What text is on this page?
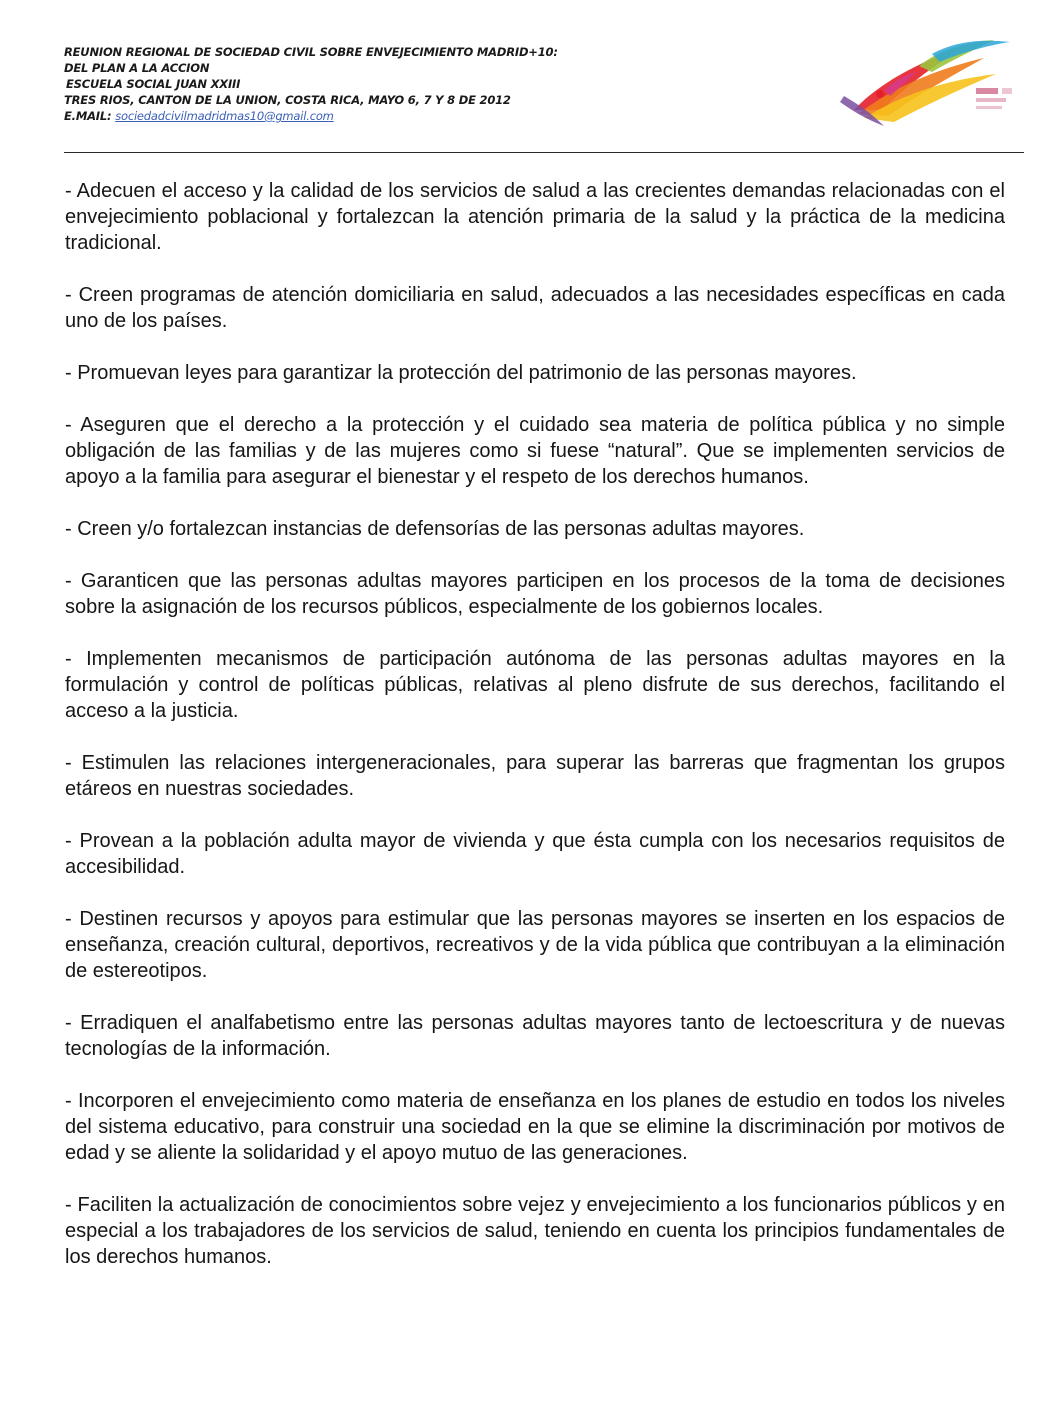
REUNION REGIONAL DE SOCIEDAD CIVIL SOBRE ENVEJECIMIENTO MADRID+10:
DEL PLAN A LA ACCION
ESCUELA SOCIAL JUAN XXIII
TRES RIOS, CANTON DE LA UNION, COSTA RICA, MAYO 6, 7 Y 8 DE 2012
E.MAIL: sociedadcivilmadridmas10@gmail.com

- Adecuen el acceso y la calidad de los servicios de salud a las crecientes demandas relacionadas con el envejecimiento poblacional y fortalezcan la atención primaria de la salud y la práctica de la medicina tradicional.

- Creen programas de atención domiciliaria en salud, adecuados a las necesidades específicas en cada uno de los países.

- Promuevan leyes para garantizar la protección del patrimonio de las personas mayores.

- Aseguren que el derecho a la protección y el cuidado sea materia de política pública y no simple obligación de las familias y de las mujeres como si fuese “natural”. Que se implementen servicios de apoyo a la familia para asegurar el bienestar y el respeto de los derechos humanos.

- Creen y/o fortalezcan instancias de defensorías de las personas adultas mayores.

- Garanticen que las personas adultas mayores participen en los procesos de la toma de decisiones sobre la asignación de los recursos públicos, especialmente de los gobiernos locales.

- Implementen mecanismos de participación autónoma de las personas adultas mayores en la formulación y control de políticas públicas, relativas al pleno disfrute de sus derechos, facilitando el acceso a la justicia.

- Estimulen las relaciones intergeneracionales, para superar las barreras que fragmentan los grupos etáreos en nuestras sociedades.

- Provean a la población adulta mayor de vivienda y que ésta cumpla con los necesarios requisitos de accesibilidad.

- Destinen recursos y apoyos para estimular que las personas mayores se inserten en los espacios de enseñanza, creación cultural, deportivos, recreativos y de la vida pública que contribuyan a la eliminación de estereotipos.

- Erradiquen el analfabetismo entre las personas adultas mayores tanto de lectoescritura y de nuevas tecnologías de la información.

- Incorporen el envejecimiento como materia de enseñanza en los planes de estudio en todos los niveles del sistema educativo, para construir una sociedad en la que se elimine la discriminación por motivos de edad y se aliente la solidaridad y el apoyo mutuo de las generaciones.

- Faciliten la actualización de conocimientos sobre vejez y envejecimiento a los funcionarios públicos y en especial a los trabajadores de los servicios de salud, teniendo en cuenta los principios fundamentales de los derechos humanos.
